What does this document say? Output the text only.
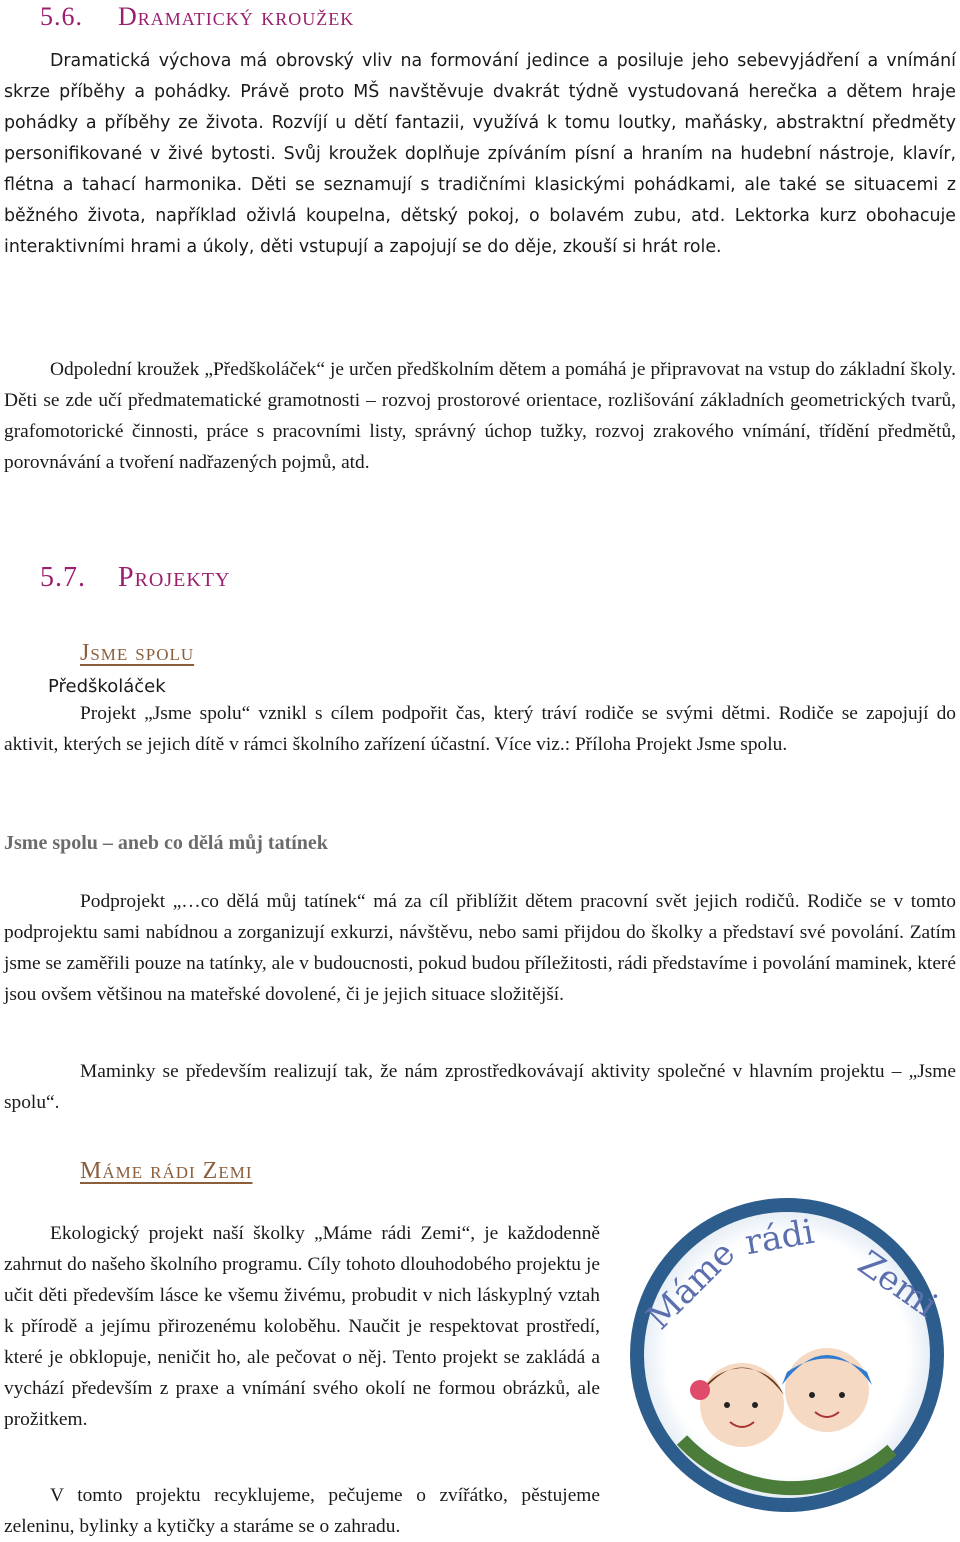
5.6. Dramatický kroužek

Dramatická výchova má obrovský vliv na formování jedince a posiluje jeho sebevyjádření a vnímání skrze příběhy a pohádky. Právě proto MŠ navštěvuje dvakrát týdně vystudovaná herečka a dětem hraje pohádky a příběhy ze života. Rozvíjí u dětí fantazii, využívá k tomu loutky, maňásky, abstraktní předměty personifikované v živé bytosti. Svůj kroužek doplňuje zpíváním písní a hraním na hudební nástroje, klavír, flétna a tahací harmonika. Děti se seznamují s tradičními klasickými pohádkami, ale také se situacemi z běžného života, například oživlá koupelna, dětský pokoj, o bolavém zubu, atd. Lektorka kurz obohacuje interaktivními hrami a úkoly, děti vstupují a zapojují se do děje, zkouší si hrát role.

Předškoláček

Odpolední kroužek „Předškoláček“ je určen předškolním dětem a pomáhá je připravovat na vstup do základní školy. Děti se zde učí předmatematické gramotnosti – rozvoj prostorové orientace, rozlišování základních geometrických tvarů, grafomotorické činnosti, práce s pracovními listy, správný úchop tužky, rozvoj zrakového vnímání, třídění předmětů, porovnávání a tvoření nadřazených pojmů, atd.

5.7. Projekty
Jsme spolu

Projekt „Jsme spolu“ vznikl s cílem podpořit čas, který tráví rodiče se svými dětmi. Rodiče se zapojují do aktivit, kterých se jejich dítě v rámci školního zařízení účastní. Více viz.: Příloha Projekt Jsme spolu.

Jsme spolu – aneb co dělá můj tatínek

Podprojekt „…co dělá můj tatínek“ má za cíl přiblížit dětem pracovní svět jejich rodičů. Rodiče se v tomto podprojektu sami nabídnou a zorganizují exkurzi, návštěvu, nebo sami přijdou do školky a představí své povolání. Zatím jsme se zaměřili pouze na tatínky, ale v budoucnosti, pokud budou příležitosti, rádi představíme i povolání maminek, které jsou ovšem většinou na mateřské dovolené, či je jejich situace složitější.

Maminky se především realizují tak, že nám zprostředkovávají aktivity společné v hlavním projektu – „Jsme spolu“.

Máme rádi Zemi

Ekologický projekt naší školky „Máme rádi Zemi“, je každodenně zahrnut do našeho školního programu. Cíly tohoto dlouhodobého projektu je učit děti především lásce ke všemu živému, probudit v nich láskyplný vztah k přírodě a jejímu přirozenému koloběhu. Naučit je respektovat prostředí, které je obklopuje, neničit ho, ale pečovat o něj. Tento projekt se zakládá a vychází především z praxe a vnímání svého okolí ne formou obrázků, ale prožitkem.

V tomto projektu recyklujeme, pečujeme o zvířátko, pěstujeme zeleninu, bylinky a kytičky a staráme se o zahradu.

Máme
rádi
Zemi
